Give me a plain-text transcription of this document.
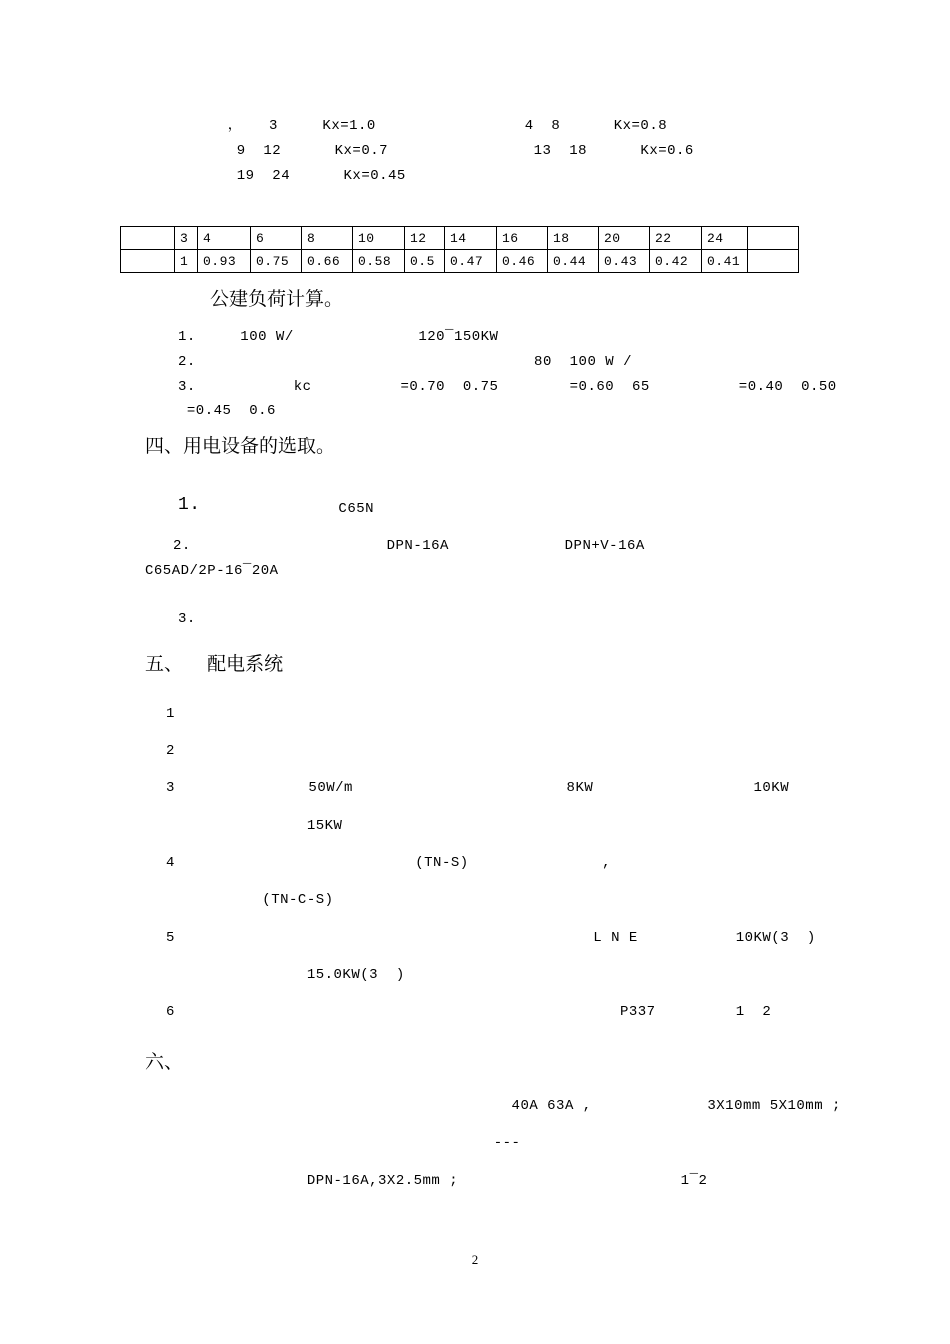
，   3     Kx=1.0	4  8      Kx=0.8
9  12      Kx=0.7	13  18      Kx=0.6
19  24      Kx=0.45
	3	4	6	8	10	12	14	16	18	20	22	24	
	1	0.93	0.75	0.66	0.58	0.5	0.47	0.46	0.44	0.43	0.42	0.41	
公建负荷计算。
1.     100 W/              120¯150KW
2.                                      80  100 W /
3.           kc          =0.70  0.75        =0.60  65          =0.40  0.50
=0.45  0.6
四、用电设备的选取。
1.
C65N
2.                      DPN-16A             DPN+V-16A
C65AD/2P-16¯20A
3.
五、    配电系统
1
2
3               50W/m                        8KW                  10KW
15KW
4                           (TN-S)               ,
(TN-C-S)
5                                               L N E           10KW(3  )
15.0KW(3  )
6                                                  P337         1  2
六、

40A 63A ,             3X10mm 5X10mm ;
---

DPN-16A,3X2.5mm ;                         1¯2
2
